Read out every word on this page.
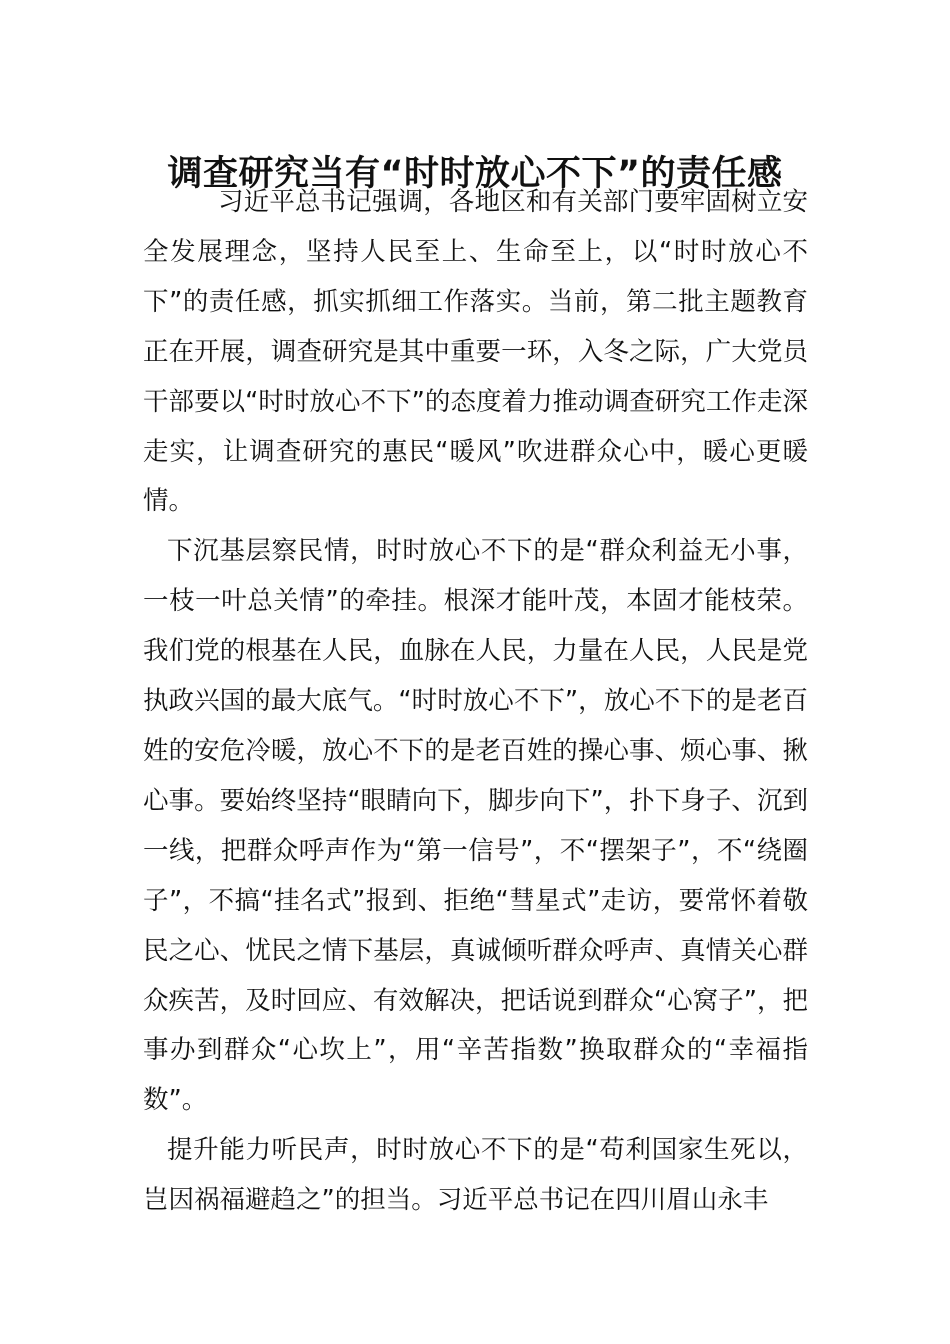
调查研究当有“时时放心不下”的责任感

习近平总书记强调，各地区和有关部门要牢固树立安全发展理念，坚持人民至上、生命至上，以“时时放心不下”的责任感，抓实抓细工作落实。当前，第二批主题教育正在开展，调查研究是其中重要一环，入冬之际，广大党员干部要以“时时放心不下”的态度着力推动调查研究工作走深走实，让调查研究的惠民“暖风”吹进群众心中，暖心更暖情。

下沉基层察民情，时时放心不下的是“群众利益无小事，一枝一叶总关情”的牵挂。根深才能叶茂，本固才能枝荣。我们党的根基在人民，血脉在人民，力量在人民，人民是党执政兴国的最大底气。“时时放心不下”，放心不下的是老百姓的安危冷暖，放心不下的是老百姓的操心事、烦心事、揪心事。要始终坚持“眼睛向下，脚步向下”，扑下身子、沉到一线，把群众呼声作为“第一信号”，不“摆架子”，不“绕圈子”，不搞“挂名式”报到、拒绝“彗星式”走访，要常怀着敬民之心、忧民之情下基层，真诚倾听群众呼声、真情关心群众疾苦，及时回应、有效解决，把话说到群众“心窝子”，把事办到群众“心坎上”，用“辛苦指数”换取群众的“幸福指数”。

提升能力听民声，时时放心不下的是“苟利国家生死以，岂因祸福避趋之”的担当。习近平总书记在四川眉山永丰
